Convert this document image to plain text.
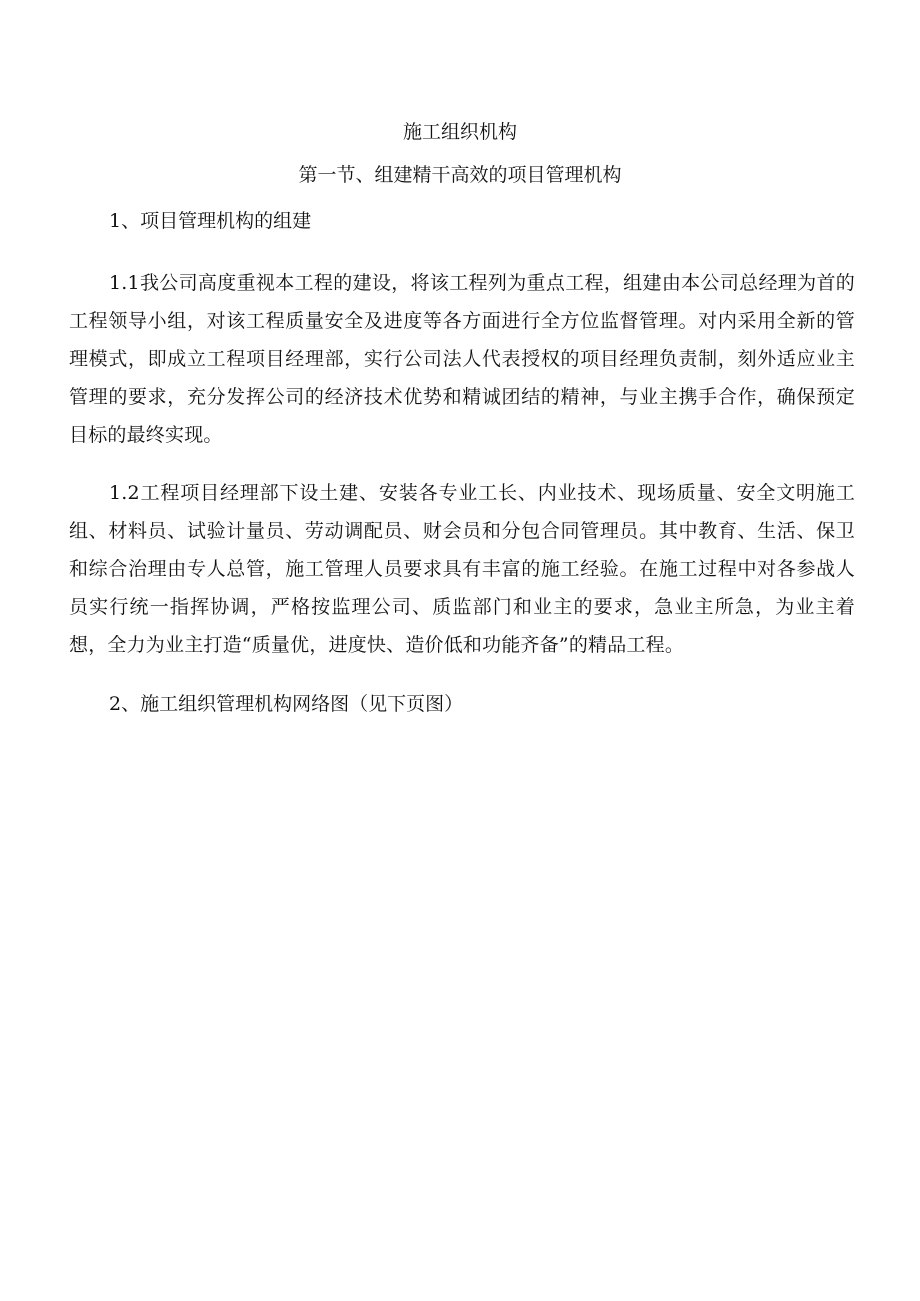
施工组织机构
第一节、组建精干高效的项目管理机构
1、项目管理机构的组建
1.1我公司高度重视本工程的建设，将该工程列为重点工程，组建由本公司总经理为首的工程领导小组，对该工程质量安全及进度等各方面进行全方位监督管理。对内采用全新的管理模式，即成立工程项目经理部，实行公司法人代表授权的项目经理负责制，刻外适应业主管理的要求，充分发挥公司的经济技术优势和精诚团结的精神，与业主携手合作，确保预定目标的最终实现。
1.2工程项目经理部下设土建、安装各专业工长、内业技术、现场质量、安全文明施工组、材料员、试验计量员、劳动调配员、财会员和分包合同管理员。其中教育、生活、保卫和综合治理由专人总管，施工管理人员要求具有丰富的施工经验。在施工过程中对各参战人员实行统一指挥协调，严格按监理公司、质监部门和业主的要求，急业主所急，为业主着想，全力为业主打造“质量优，进度快、造价低和功能齐备”的精品工程。
2、施工组织管理机构网络图（见下页图）
